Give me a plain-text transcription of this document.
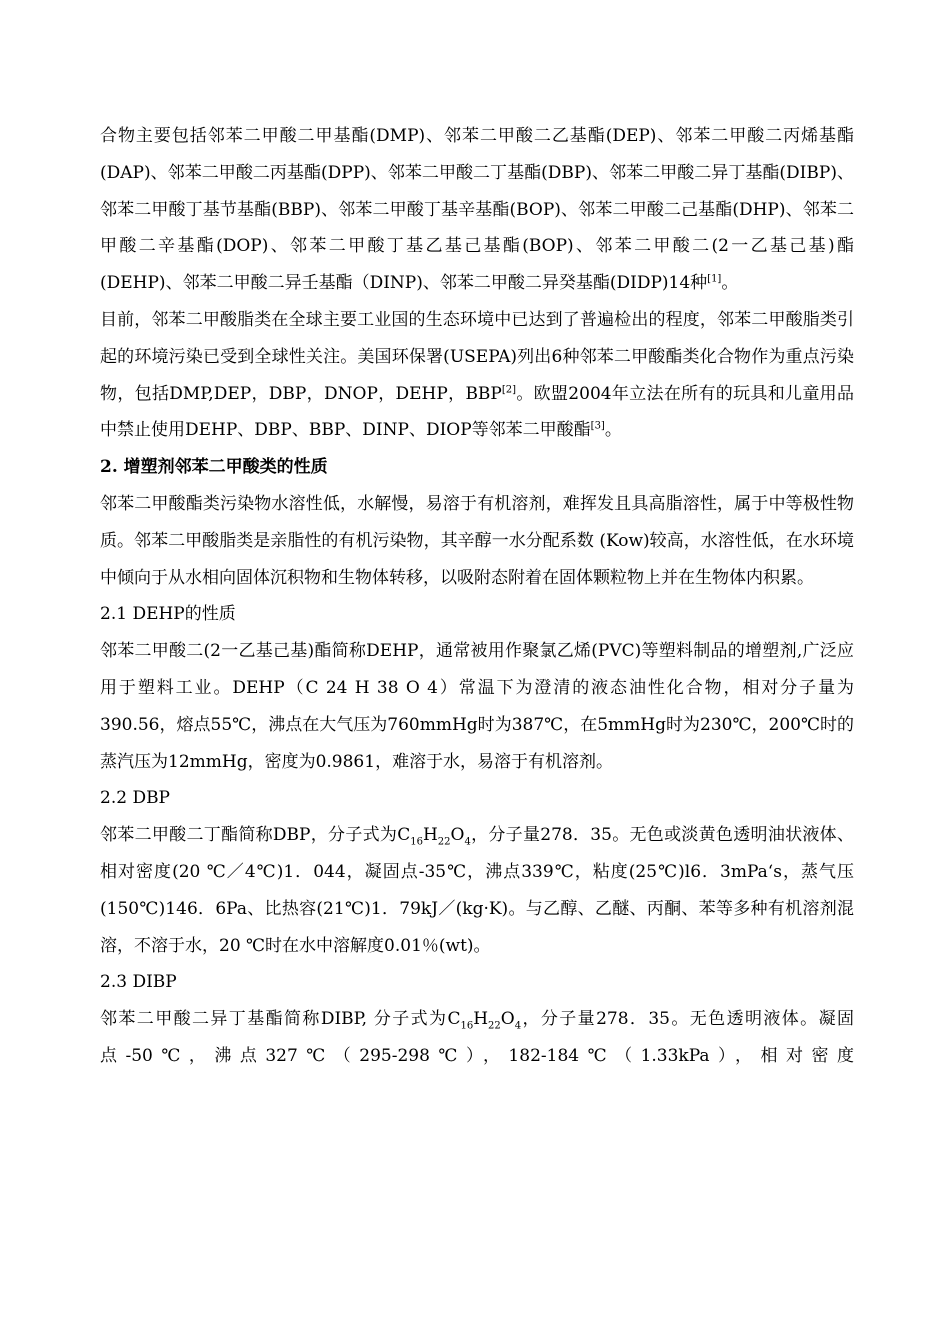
合物主要包括邻苯二甲酸二甲基酯(DMP)、邻苯二甲酸二乙基酯(DEP)、邻苯二甲酸二丙烯基酯(DAP)、邻苯二甲酸二丙基酯(DPP)、邻苯二甲酸二丁基酯(DBP)、邻苯二甲酸二异丁基酯(DIBP)、邻苯二甲酸丁基节基酯(BBP)、邻苯二甲酸丁基辛基酯(BOP)、邻苯二甲酸二己基酯(DHP)、邻苯二甲酸二辛基酯(DOP)、邻苯二甲酸丁基乙基己基酯(BOP)、邻苯二甲酸二(2一乙基己基)酯(DEHP)、邻苯二甲酸二异壬基酯（DINP)、邻苯二甲酸二异癸基酯(DIDP)14种[1]。

目前，邻苯二甲酸脂类在全球主要工业国的生态环境中已达到了普遍检出的程度，邻苯二甲酸脂类引起的环境污染已受到全球性关注。美国环保署(USEPA)列出6种邻苯二甲酸酯类化合物作为重点污染物，包括DMP,DEP，DBP，DNOP，DEHP，BBP[2]。欧盟2004年立法在所有的玩具和儿童用品中禁止使用DEHP、DBP、BBP、DINP、DIOP等邻苯二甲酸酯[3]。

2. 增塑剂邻苯二甲酸类的性质

邻苯二甲酸酯类污染物水溶性低，水解慢，易溶于有机溶剂，难挥发且具高脂溶性，属于中等极性物质。邻苯二甲酸脂类是亲脂性的有机污染物，其辛醇一水分配系数 (Kow)较高，水溶性低，在水环境中倾向于从水相向固体沉积物和生物体转移，以吸附态附着在固体颗粒物上并在生物体内积累。

2.1 DEHP的性质

邻苯二甲酸二(2一乙基己基)酯简称DEHP，通常被用作聚氯乙烯(PVC)等塑料制品的增塑剂,广泛应用于塑料工业。DEHP（C 24 H 38 O 4）常温下为澄清的液态油性化合物，相对分子量为390.56，熔点55℃，沸点在大气压为760mmHg时为387℃，在5mmHg时为230℃，200℃时的蒸汽压为12mmHg，密度为0.9861，难溶于水，易溶于有机溶剂。

2.2 DBP

邻苯二甲酸二丁酯简称DBP，分子式为$C_{16}H_{22}O_4$，分子量278．35。无色或淡黄色透明油状液体、相对密度(20 ℃／4℃)1．044，凝固点-35℃，沸点339℃，粘度(25℃)l6．3mPa‘s，蒸气压(150℃)146．6Pa、比热容(21℃)1．79kJ／(kg·K)。与乙醇、乙醚、丙酮、苯等多种有机溶剂混溶，不溶于水，20 ℃时在水中溶解度0.01％(wt)。

2.3 DIBP

邻苯二甲酸二异丁基酯简称DIBP, 分子式为$C_{16}H_{22}O_4$，分子量278．35。无色透明液体。凝固点-50℃，沸点327℃（295-298℃），182-184℃（1.33kPa），相对密度
